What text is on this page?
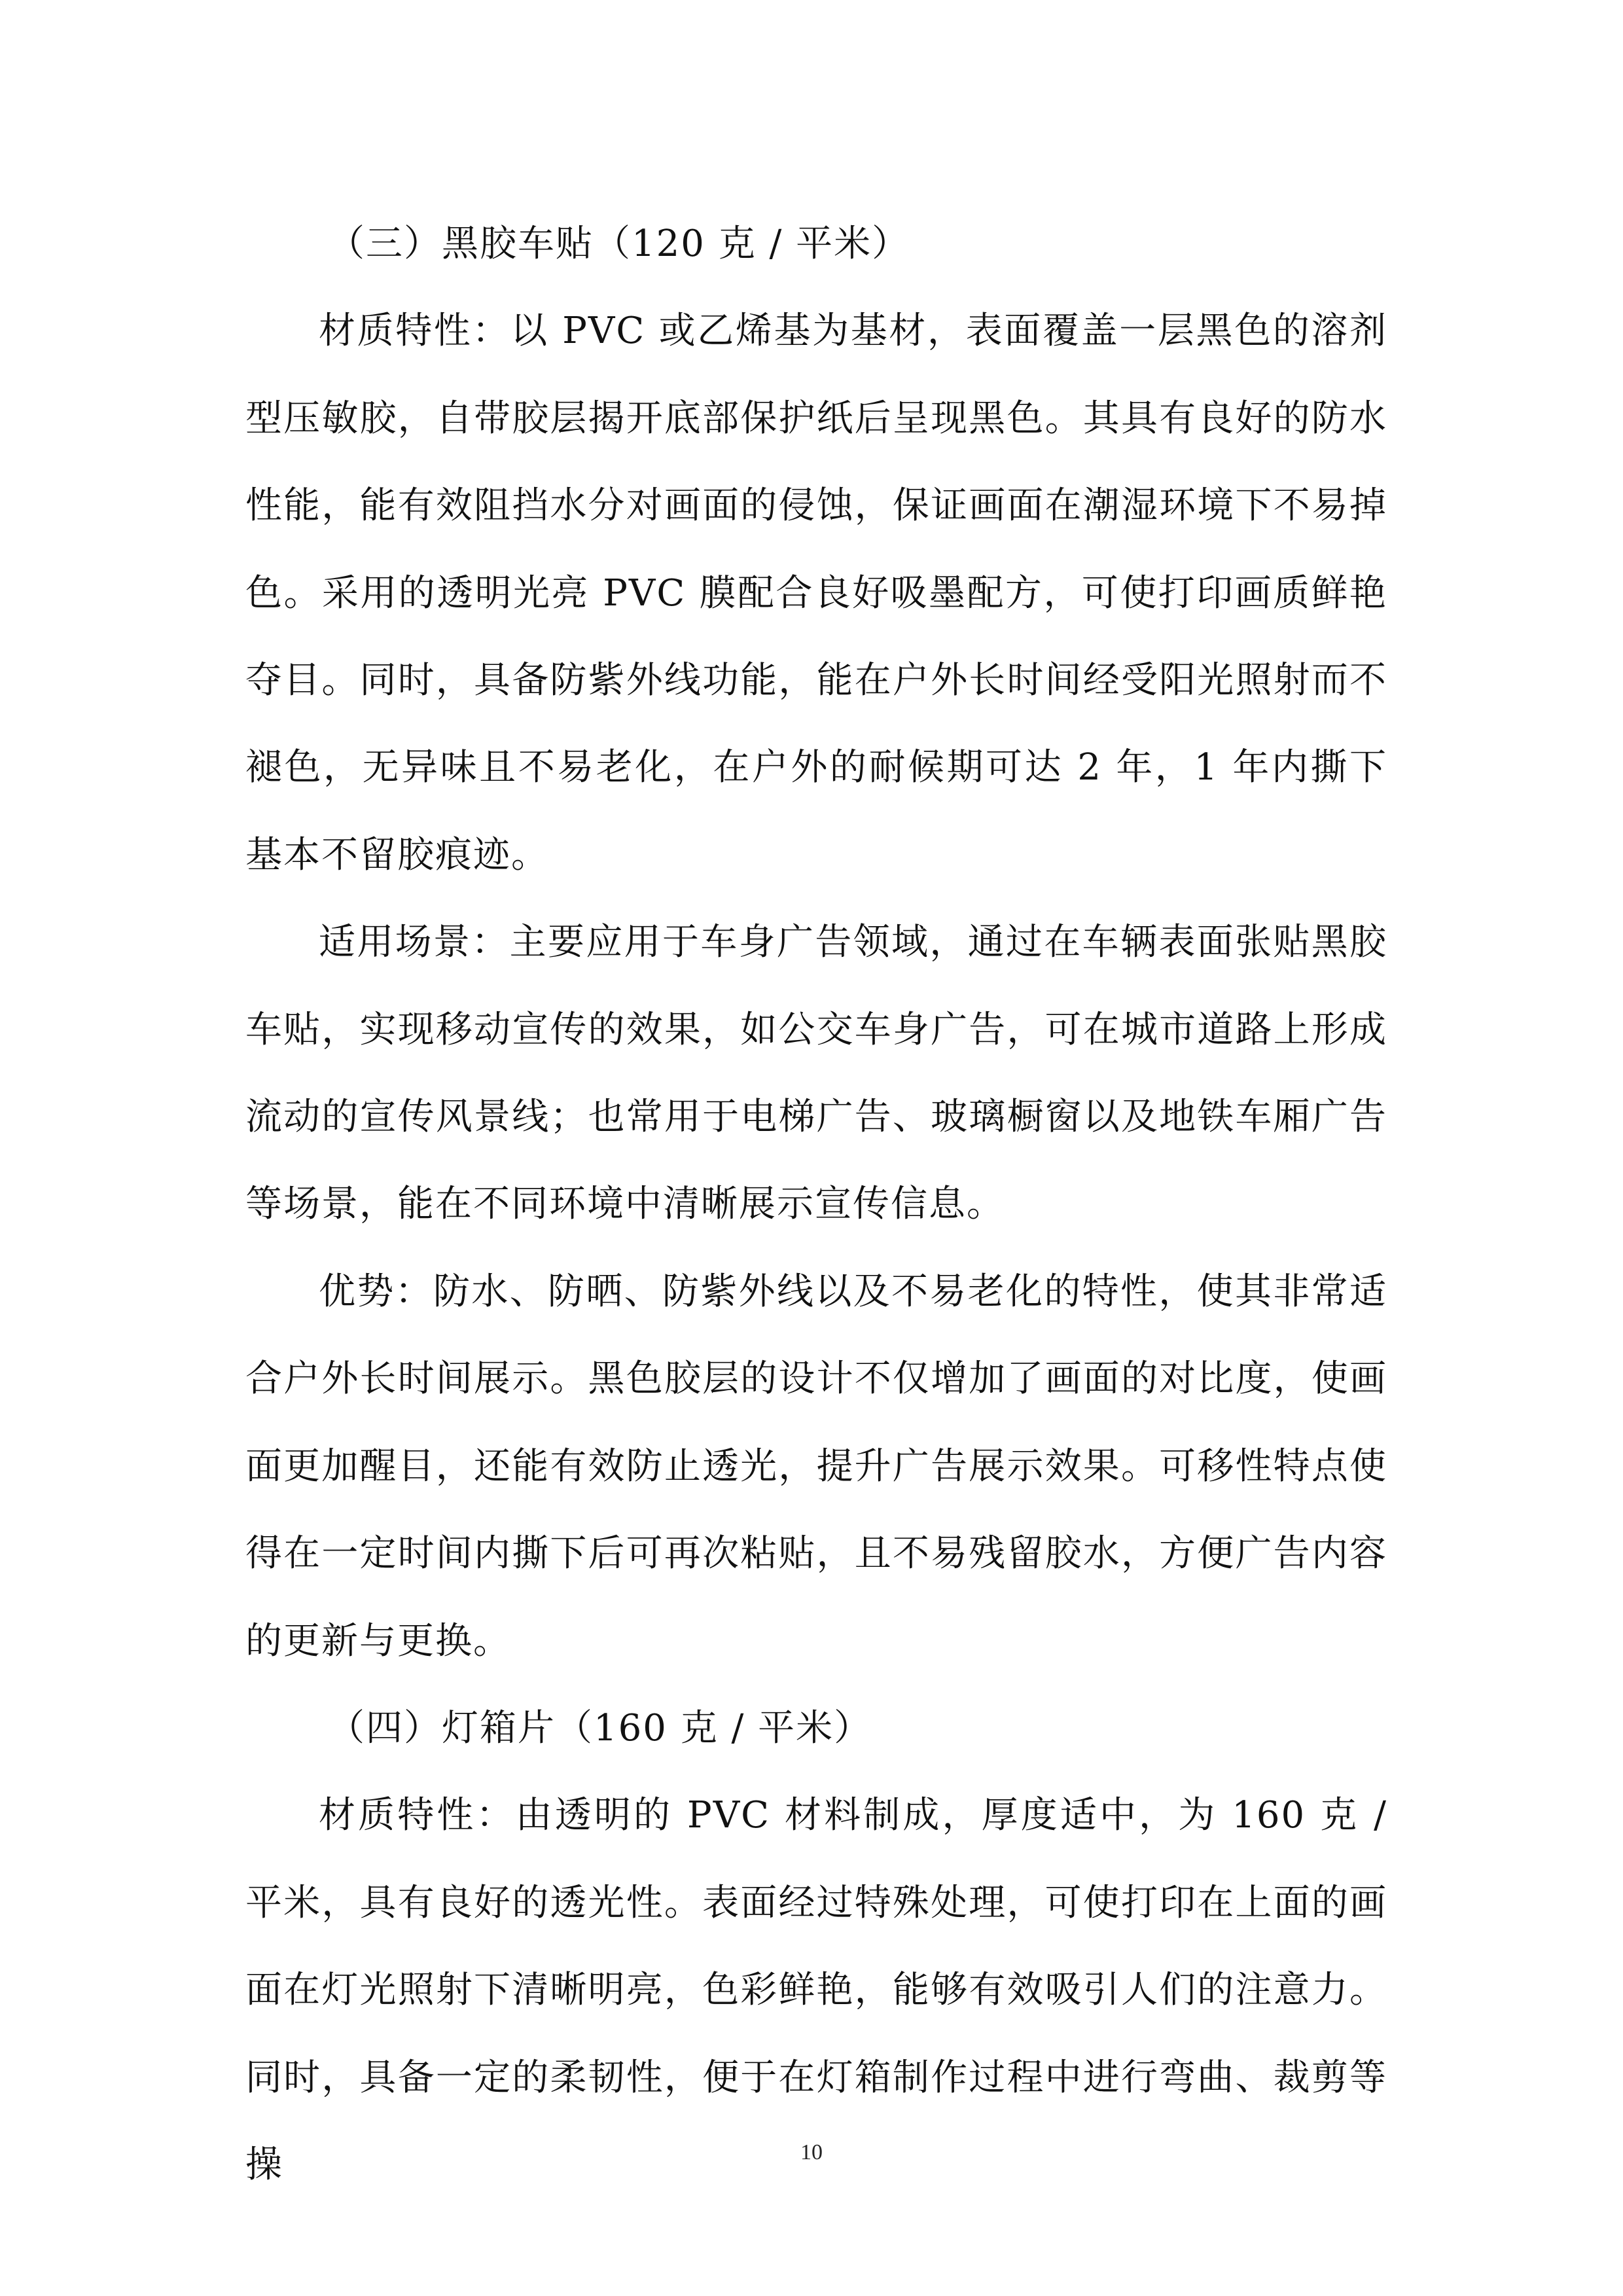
（三）黑胶车贴（120 克 / 平米）

材质特性：以 PVC 或乙烯基为基材，表面覆盖一层黑色的溶剂型压敏胶，自带胶层揭开底部保护纸后呈现黑色。其具有良好的防水性能，能有效阻挡水分对画面的侵蚀，保证画面在潮湿环境下不易掉色。采用的透明光亮 PVC 膜配合良好吸墨配方，可使打印画质鲜艳夺目。同时，具备防紫外线功能，能在户外长时间经受阳光照射而不褪色，无异味且不易老化，在户外的耐候期可达 2 年，1 年内撕下基本不留胶痕迹。

适用场景：主要应用于车身广告领域，通过在车辆表面张贴黑胶车贴，实现移动宣传的效果，如公交车身广告，可在城市道路上形成流动的宣传风景线；也常用于电梯广告、玻璃橱窗以及地铁车厢广告等场景，能在不同环境中清晰展示宣传信息。

优势：防水、防晒、防紫外线以及不易老化的特性，使其非常适合户外长时间展示。黑色胶层的设计不仅增加了画面的对比度，使画面更加醒目，还能有效防止透光，提升广告展示效果。可移性特点使得在一定时间内撕下后可再次粘贴，且不易残留胶水，方便广告内容的更新与更换。

（四）灯箱片（160 克 / 平米）

材质特性：由透明的 PVC 材料制成，厚度适中，为 160 克 / 平米，具有良好的透光性。表面经过特殊处理，可使打印在上面的画面在灯光照射下清晰明亮，色彩鲜艳，能够有效吸引人们的注意力。同时，具备一定的柔韧性，便于在灯箱制作过程中进行弯曲、裁剪等操	10
